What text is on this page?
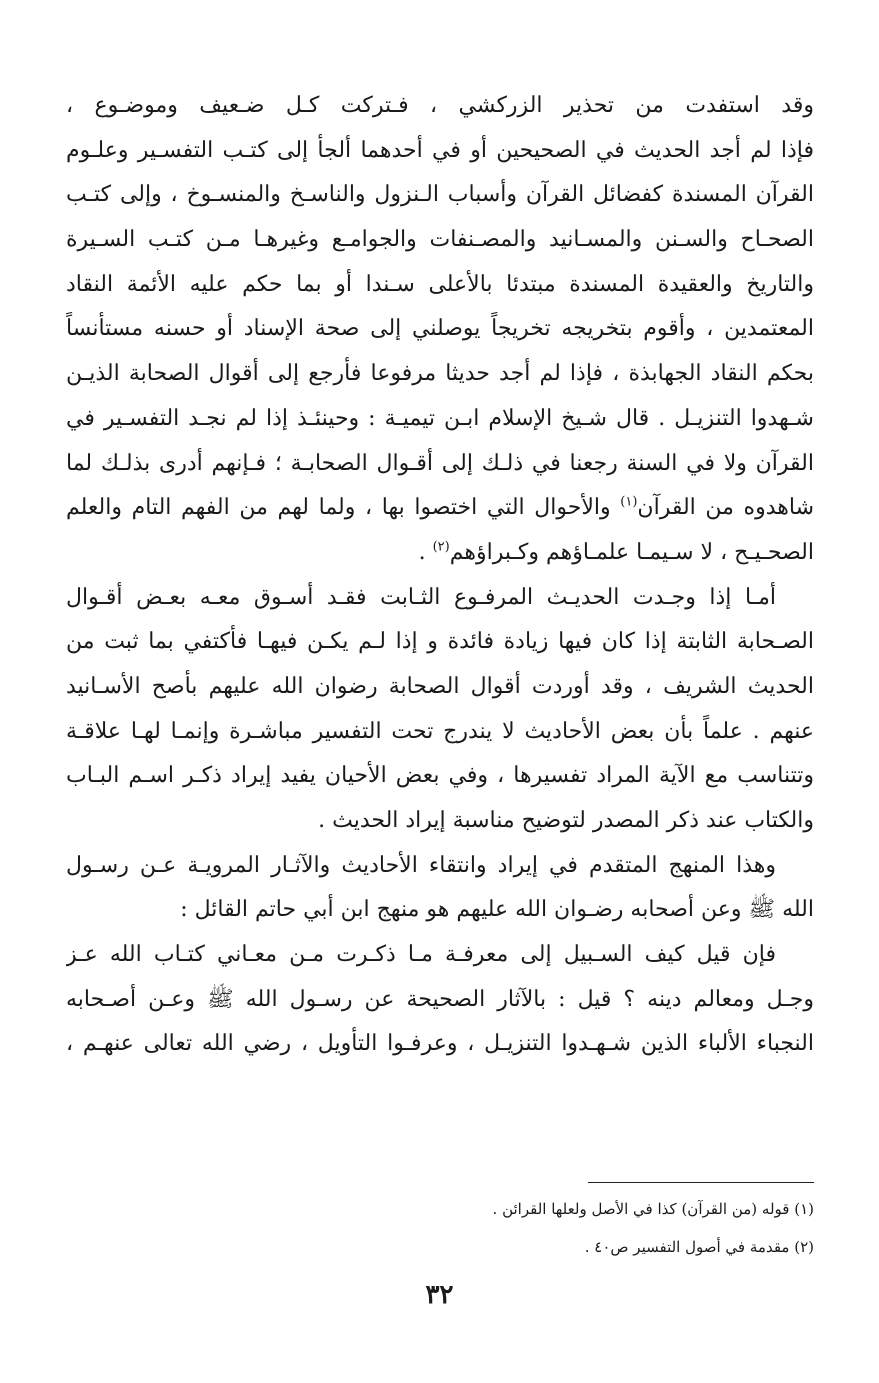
وقد استفدت من تحذير الزركشي ، فـتركت كـل ضـعيف وموضـوع ،
فإذا لم أجد الحديث في الصحيحين أو في أحدهما ألجأ إلى كتـب التفسـير وعلـوم
القرآن المسندة كفضائل القرآن وأسباب الـنزول والناسـخ والمنسـوخ ، وإلى كتـب
الصحـاح والسـنن والمسـانيد والمصـنفات والجوامـع وغيرهـا مـن كتـب السـيرة
والتاريخ والعقيدة المسندة مبتدئا بالأعلى سـندا أو بما حكم عليه الأئمة النقاد
المعتمدين ، وأقوم بتخريجه تخريجاً يوصلني إلى صحة الإسناد أو حسنه مستأنساً
بحكم النقاد الجهابذة ، فإذا لم أجد حديثا مرفوعا فأرجع إلى أقوال الصحابة الذيـن
شـهدوا التنزيـل . قال شـيخ الإسلام ابـن تيميـة : وحينئـذ إذا لم نجـد التفسـير في
القرآن ولا في السنة رجعنا في ذلـك إلى أقـوال الصحابـة ؛ فـإنهم أدرى بذلـك لما
شاهدوه من القرآن$^{(١)}$ والأحوال التي اختصوا بها ، ولما لهم من الفهم التام والعلم
الصحـيـح ، لا سـيمـا علمـاؤهم وكـبراؤهم$^{(٢)}$ .
أمـا إذا وجـدت الحديـث المرفـوع الثـابت فقـد أسـوق معـه بعـض أقـوال
الصـحابة الثابتة إذا كان فيها زيادة فائدة و إذا لـم يكـن فيهـا فأكتفي بما ثبت من
الحديث الشريف ، وقد أوردت أقوال الصحابة رضوان الله عليهم بأصح الأسـانيد
عنهم . علماً بأن بعض الأحاديث لا يندرج تحت التفسير مباشـرة وإنمـا لهـا علاقـة
وتتناسب مع الآية المراد تفسيرها ، وفي بعض الأحيان يفيد إيراد ذكـر اسـم البـاب
والكتاب عند ذكر المصدر لتوضيح مناسبة إيراد الحديث .
وهذا المنهج المتقدم في إيراد وانتقاء الأحاديث والآثـار المرويـة عـن رسـول
الله ﷺ وعن أصحابه رضـوان الله عليهم هو منهج ابن أبي حاتم القائل :
فإن قيل كيف السـبيل إلى معرفـة مـا ذكـرت مـن معـاني كتـاب الله عـز
وجـل ومعالم دينه ؟ قيل : بالآثار الصحيحة عن رسـول الله ﷺ وعـن أصـحابه
النجباء الألباء الذين شـهـدوا التنزيـل ، وعرفـوا التأويل ، رضي الله تعالى عنهـم ،
(١) قوله (من القرآن) كذا في الأصل ولعلها القرائن .
(٢) مقدمة في أصول التفسير ص٤٠ .
٣٢
